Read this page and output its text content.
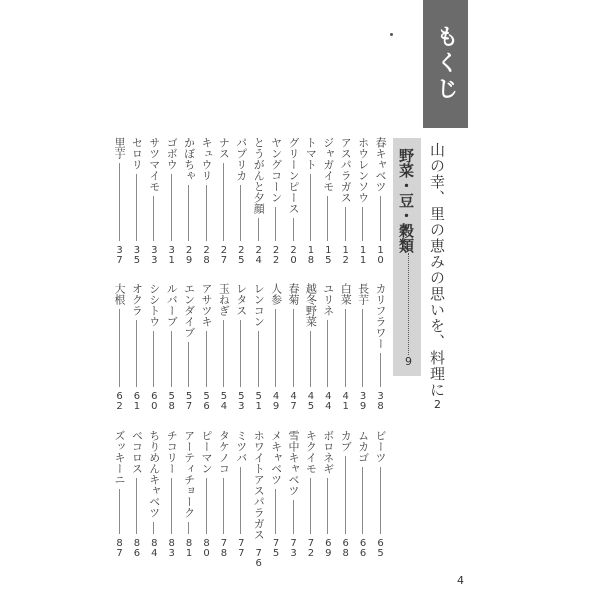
もくじ
山の幸、里の恵みの思いを、料理に
2
野菜・豆・穀類
9
春キャベツ
10
ホウレンソウ
11
アスパラガス
12
ジャガイモ
15
トマト
18
グリーンピース
20
ヤングコーン
22
とうがんと夕顔
24
パプリカ
25
ナス
27
キュウリ
28
かぼちゃ
29
ゴボウ
31
サツマイモ
33
セロリ
35
里芋
37
カリフラワー
38
長芋
39
白菜
41
ユリネ
44
越冬野菜
45
春菊
47
人参
49
レンコン
51
レタス
53
玉ねぎ
54
アサツキ
56
エンダイブ
57
ルバーブ
58
シシトウ
60
オクラ
61
大根
62
ビーツ
65
ムカゴ
66
カブ
68
ボロネギ
69
キクイモ
72
雪中キャベツ
73
メキャベツ
75
ホワイトアスパラガス
76
ミツバ
77
タケノコ
78
ピーマン
80
アーティチョーク
81
チコリー
83
ちりめんキャベツ
84
ベコロス
86
ズッキーニ
87
4
